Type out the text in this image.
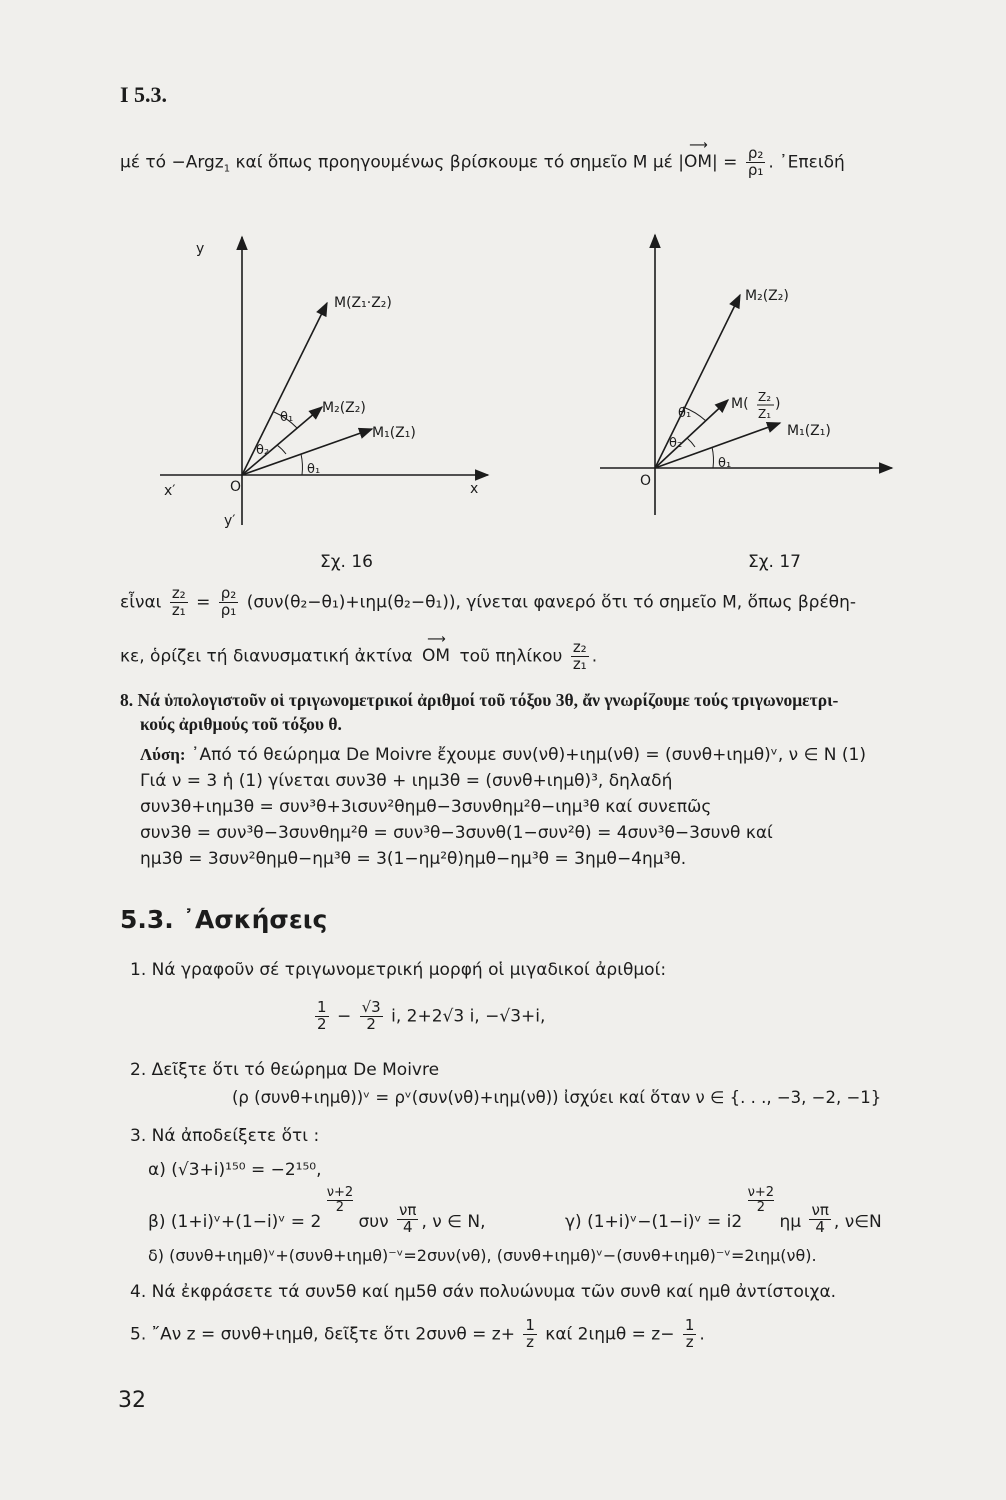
I 5.3.
μέ τό −Argz$_1$ καί ὅπως προηγουμένως βρίσκουμε τό σημεῖο Μ μέ |
⟶
$OM| = \frac{\text{ρ₂}}{\text{ρ₁}}$ . ᾽Επειδή
y
x
x′
y′
O
M(Z₁·Z₂)
M₂(Z₂)
M₁(Z₁)
θ₁
θ₂
θ₁
O
M₂(Z₂)
M( Z₂
Z₁
)
M₁(Z₁)
θ₁
θ₂
θ₁
Σχ. 16	Σχ. 17
εἶναι $\frac{\text{z₂}}{\text{z₁}} = \frac{\text{ρ₂}}{\text{ρ₁}} (\sigma\upsilon\nu(\theta_2-\theta_1)+\iota\eta\mu(\theta_2-\theta_1))$, γίνεται φανερό ὅτι τό σημεῖο Μ, ὅπως βρέθη-
κε, ὁρίζει τή διανυσματική ἀκτίνα
⟶
OM τοῦ πηλίκου $\frac{\text{z₂}}{\text{z₁}}$ .
8. Νά ὑπολογιστοῦν οἱ τριγωνομετρικοί ἀριθμοί τοῦ τόξου 3θ, ἄν γνωρίζουμε τούς τριγωνομετρι-
κούς ἀριθμούς τοῦ τόξου θ.
Λύση: ᾽Από τό θεώρημα De Moivre ἔχουμε συν(νθ)+ιημ(νθ) = (συνθ+ιημθ)ᵛ, ν ∈ N (1)
Γιά ν = 3 ἡ (1) γίνεται συν3θ + ιημ3θ = (συνθ+ιημθ)³, δηλαδή
συν3θ+ιημ3θ = συν³θ+3ισυν²θημθ−3συνθημ²θ−ιημ³θ καί συνεπῶς
συν3θ = συν³θ−3συνθημ²θ = συν³θ−3συνθ(1−συν²θ) = 4συν³θ−3συνθ καί
ημ3θ = 3συν²θημθ−ημ³θ = 3(1−ημ²θ)ημθ−ημ³θ = 3ημθ−4ημ³θ.
5.3. ᾽Ασκήσεις
1. Νά γραφοῦν σέ τριγωνομετρική μορφή οἱ μιγαδικοί ἀριθμοί:
$\frac{1}{2} - \frac{√3}{2} i$, 2+2√3 i, −√3+i,
2. Δεῖξτε ὅτι τό θεώρημα De Moivre
(ρ (συνθ+ιημθ))ᵛ = ρᵛ(συν(νθ)+ιημ(νθ)) ἰσχύει καί ὅταν ν ∈ {. . ., −3, −2, −1}
3. Νά ἀποδείξετε ὅτι :
α) (√3+i)¹⁵⁰ = −2¹⁵⁰,
β) (1+i)ᵛ+(1−i)ᵛ = 2
$\frac{\nu+2}{2}$
συν $\frac{\nu\pi}{4}$ , ν ∈ N,	γ) (1+i)ᵛ−(1−i)ᵛ = i2
$\frac{\nu+2}{2}$
ημ $\frac{\nu\pi}{4}$ , ν∈N
δ) (συνθ+ιημθ)ᵛ+(συνθ+ιημθ)⁻ᵛ=2συν(νθ), (συνθ+ιημθ)ᵛ−(συνθ+ιημθ)⁻ᵛ=2ιημ(νθ).
4. Νά ἐκφράσετε τά συν5θ καί ημ5θ σάν πολυώνυμα τῶν συνθ καί ημθ ἀντίστοιχα.
5. ῎Αν z = συνθ+ιημθ, δεῖξτε ὅτι $2\sigma\upsilon\nu\theta = z+ \frac{1}{z}$ καί $2\iota\eta\mu\theta = z- \frac{1}{z}$ .
32
